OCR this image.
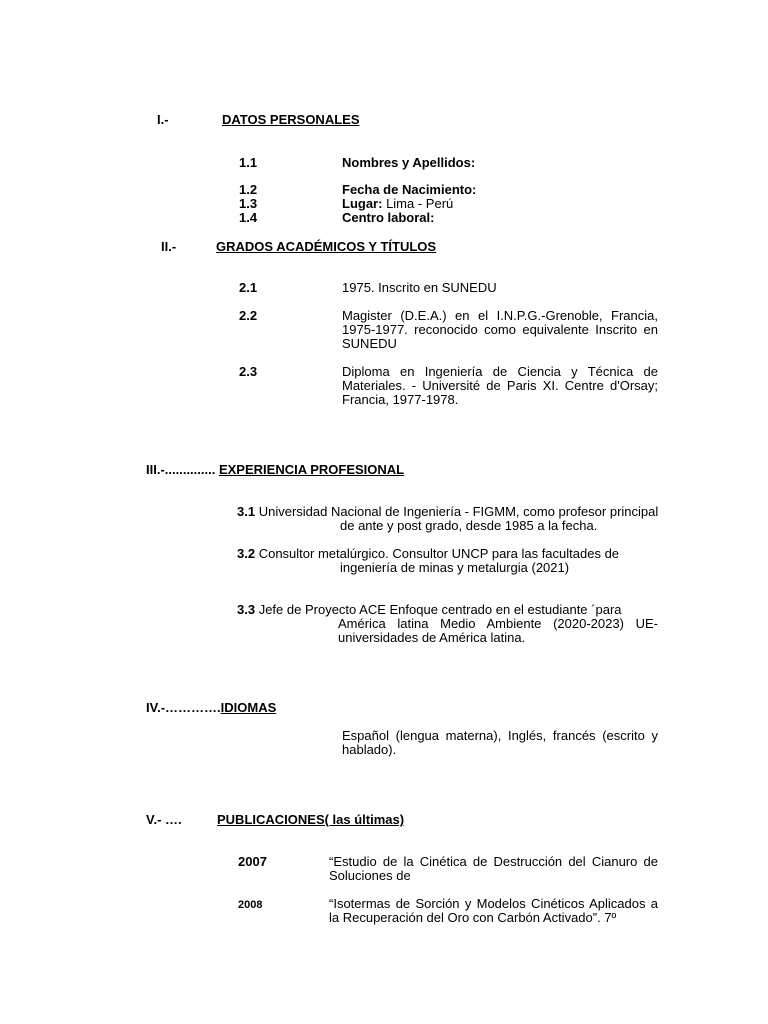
I.-	DATOS PERSONALES
1.1	Nombres y Apellidos:
1.2	Fecha de Nacimiento:
1.3	Lugar: Lima - Perú
1.4	Centro laboral:
II.-	GRADOS ACADÉMICOS Y TÍTULOS
2.1	1975. Inscrito en SUNEDU
2.2	Magister (D.E.A.) en el I.N.P.G.-Grenoble, Francia, 1975-1977. reconocido como equivalente Inscrito en SUNEDU
2.3	Diploma en Ingeniería de Ciencia y Técnica de Materiales. - Université de Paris XI. Centre d'Orsay; Francia, 1977-1978.
III.-.............. EXPERIENCIA PROFESIONAL
3.1 Universidad Nacional de Ingeniería - FIGMM, como profesor principal
de ante y post grado, desde 1985 a la fecha.
3.2 Consultor metalúrgico. Consultor UNCP para las facultades de
ingeniería de minas y metalurgia (2021)
3.3 Jefe de Proyecto ACE Enfoque centrado en el estudiante ´para
América latina Medio Ambiente (2020-2023) UE-universidades de América latina.
IV.-………….IDIOMAS
Español (lengua materna), Inglés, francés (escrito y hablado).
V.- ….	PUBLICACIONES( las últimas)
2007	“Estudio de la Cinética de Destrucción del Cianuro de Soluciones de
2008	“Isotermas de Sorción y Modelos Cinéticos Aplicados a la Recuperación del Oro con Carbón Activado”. 7º
